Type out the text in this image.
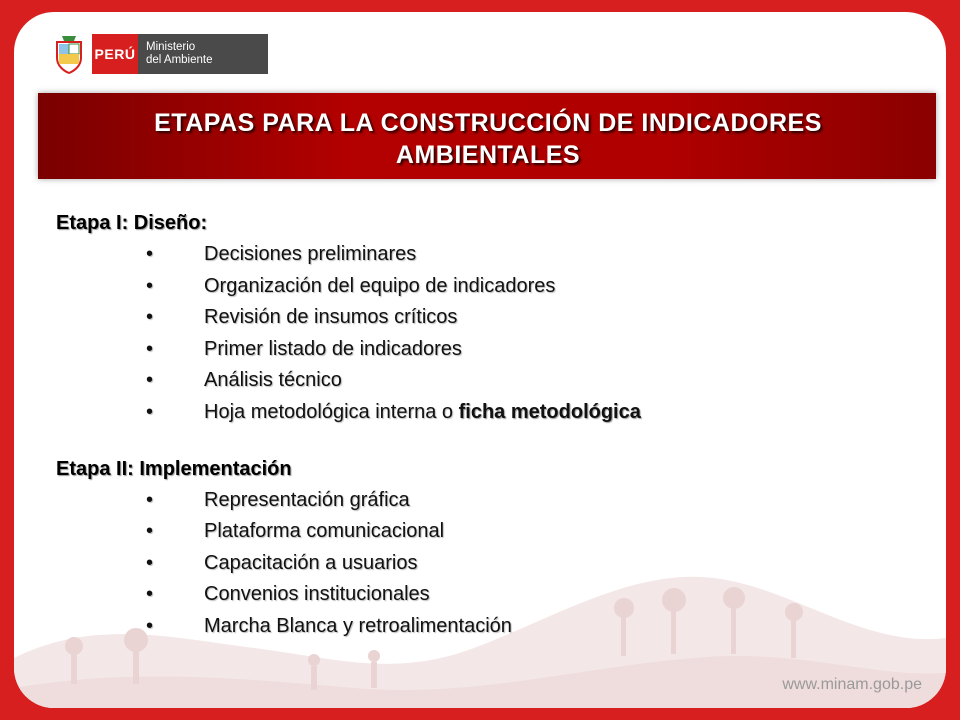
PERÚ Ministerio
del Ambiente
ETAPAS PARA LA CONSTRUCCIÓN DE INDICADORES
AMBIENTALES
www.minam.gob.pe
Etapa I: Diseño:
•	Decisiones preliminares
•	Organización del equipo de indicadores
•	Revisión de insumos críticos
•	Primer listado de indicadores
•	Análisis técnico
•	Hoja metodológica interna o ficha metodológica
Etapa II: Implementación
•	Representación gráfica
•	Plataforma comunicacional
•	Capacitación a usuarios
•	Convenios institucionales
•	Marcha Blanca y retroalimentación
